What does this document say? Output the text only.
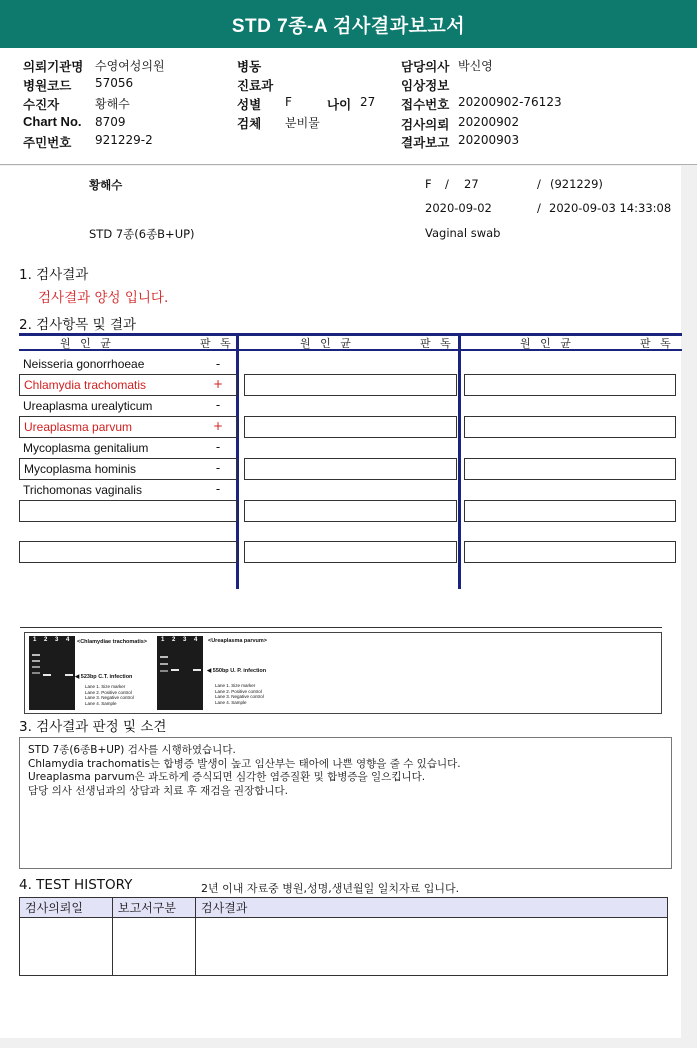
STD 7종-A 검사결과보고서
의뢰기관명 수영여성의원
병원코드 57056
수진자	황해수
Chart No. 8709
주민번호 921229-2
병동
진료과
성별 F	나이 27
검체 분비물
담당의사 박신영
임상정보
접수번호 20200902-76123
검사의뢰 20200902
결과보고 20200903
황해수	F / 27	/ (921229)
2020-09-02	/ 2020-09-03 14:33:08
STD 7종(6종B+UP)	Vaginal swab
1. 검사결과
검사결과 양성 입니다.
2. 검사항목 및 결과
원 인 균	판 독	원 인 균	판 독	원 인 균	판 독
Neisseria gonorrhoeae	-
Chlamydia trachomatis	+
Ureaplasma urealyticum	-
Ureaplasma parvum	+
Mycoplasma genitalium	-
Mycoplasma hominis	-
Trichomonas vaginalis	-
1 2 3 4 <Chlamydiae trachomatis>
◀ 523bp C.T. infection
Lane 1. Size marker
Lane 2. Positive control
Lane 3. Negative control
Lane 4. Sample
1 2 3 4 <Ureaplasma parvum>
◀ 550bp U. P. infection
Lane 1. Size marker
Lane 2. Positive control
Lane 3. Negative control
Lane 4. Sample
3. 검사결과 판정 및 소견
STD 7종(6종B+UP) 검사를 시행하였습니다.
Chlamydia trachomatis는 합병증 발생이 높고 임산부는 태아에 나쁜 영향을 줄 수 있습니다.
Ureaplasma parvum은 과도하게 증식되면 심각한 염증질환 및 합병증을 일으킵니다.
담당 의사 선생님과의 상담과 치료 후 재검을 권장합니다.
4. TEST HISTORY	2년 이내 자료중 병원,성명,생년월일 일치자료 입니다.
검사의뢰일	보고서구분	검사결과
